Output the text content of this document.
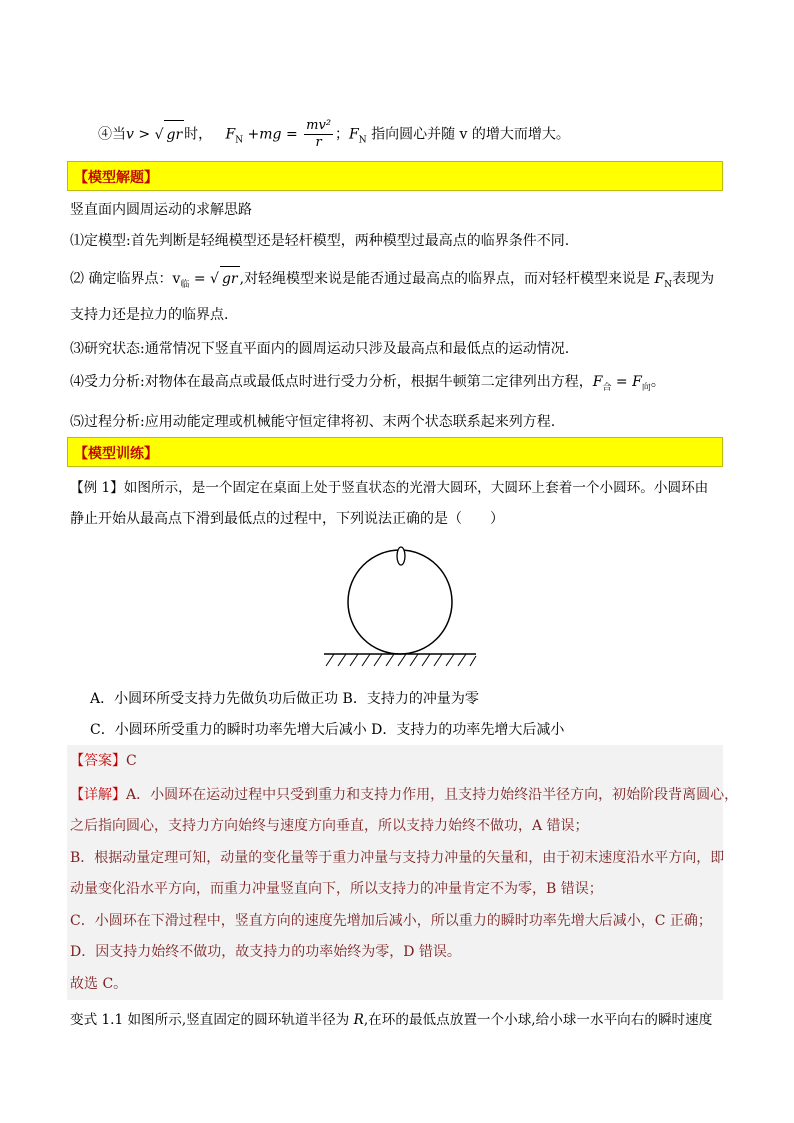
④当v > √ gr 时， $F_N +mg = \frac{\text{mv²}}{r}$ ；$F_N$ 指向圆心并随 v 的增大而增大。
【模型解题】
竖直面内圆周运动的求解思路
⑴定模型:首先判断是轻绳模型还是轻杆模型，两种模型过最高点的临界条件不同.
⑵ 确定临界点：$v_临$ = √ gr ,对轻绳模型来说是能否通过最高点的临界点，而对轻杆模型来说是 $F_N$表现为
支持力还是拉力的临界点.
⑶研究状态:通常情况下竖直平面内的圆周运动只涉及最高点和最低点的运动情况.
⑷受力分析:对物体在最高点或最低点时进行受力分析，根据牛顿第二定律列出方程，$F_合 = F_向$。
⑸过程分析:应用动能定理或机械能守恒定律将初、末两个状态联系起来列方程.
【模型训练】
【例 1】如图所示，是一个固定在桌面上处于竖直状态的光滑大圆环，大圆环上套着一个小圆环。小圆环由
静止开始从最高点下滑到最低点的过程中，下列说法正确的是（　　）
A．小圆环所受支持力先做负功后做正功 B．支持力的冲量为零
C．小圆环所受重力的瞬时功率先增大后减小 D．支持力的功率先增大后减小
【答案】C
【详解】A．小圆环在运动过程中只受到重力和支持力作用，且支持力始终沿半径方向，初始阶段背离圆心，
之后指向圆心，支持力方向始终与速度方向垂直，所以支持力始终不做功，A 错误；
B．根据动量定理可知，动量的变化量等于重力冲量与支持力冲量的矢量和，由于初末速度沿水平方向，即
动量变化沿水平方向，而重力冲量竖直向下，所以支持力的冲量肯定不为零，B 错误；
C．小圆环在下滑过程中，竖直方向的速度先增加后减小，所以重力的瞬时功率先增大后减小，C 正确；
D．因支持力始终不做功，故支持力的功率始终为零，D 错误。
故选 C。
变式 1.1 如图所示,竖直固定的圆环轨道半径为 R,在环的最低点放置一个小球,给小球一水平向右的瞬时速度
